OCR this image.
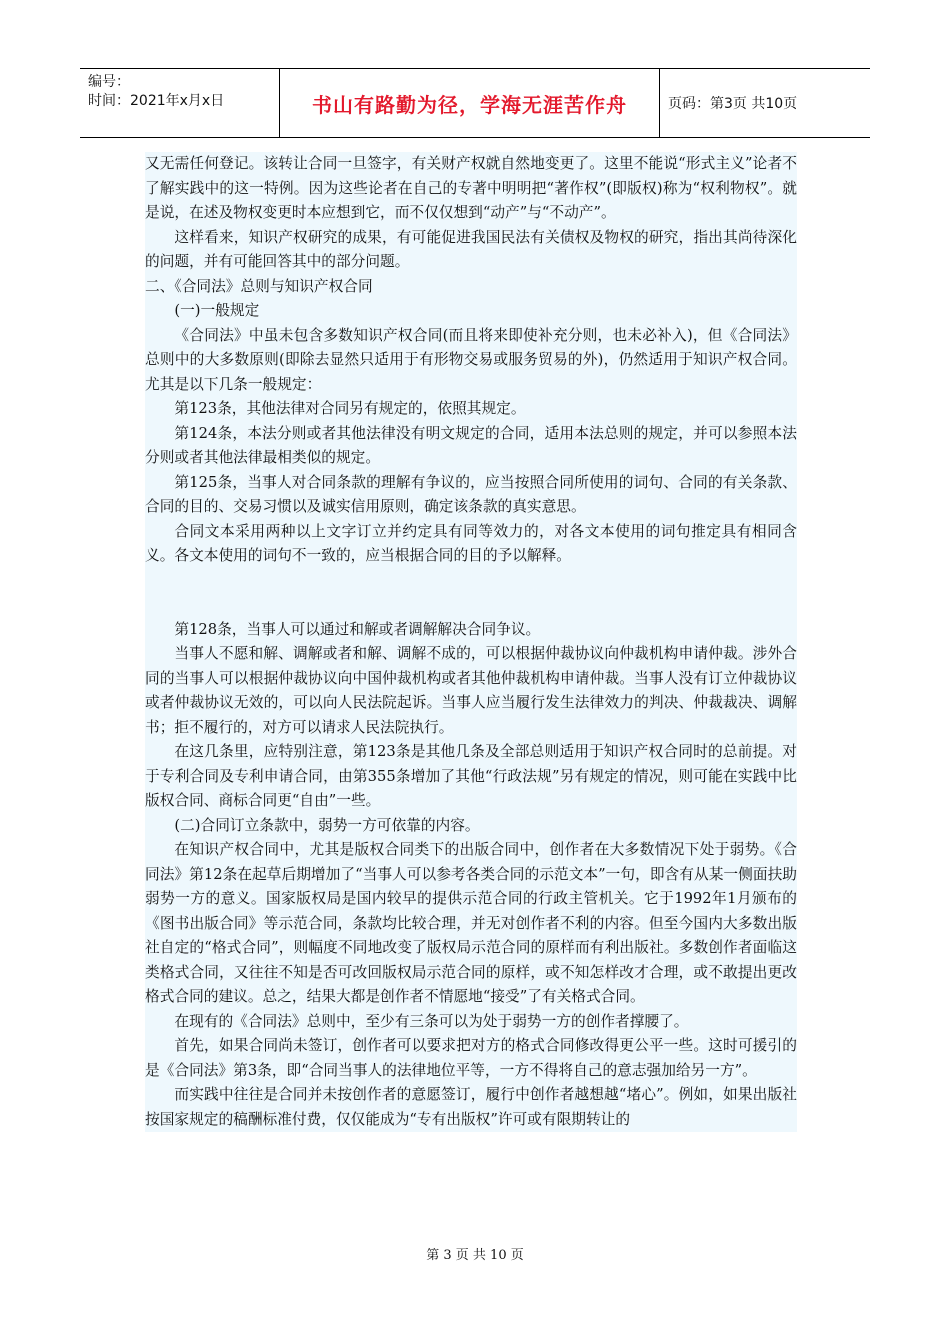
编号：
时间：2021年x月x日	书山有路勤为径，学海无涯苦作舟	页码：第3页 共10页

又无需任何登记。该转让合同一旦签字，有关财产权就自然地变更了。这里不能说“形式主义”论者不了解实践中的这一特例。因为这些论者在自己的专著中明明把“著作权”(即版权)称为“权利物权”。就是说，在述及物权变更时本应想到它，而不仅仅想到“动产”与“不动产”。

这样看来，知识产权研究的成果，有可能促进我国民法有关债权及物权的研究，指出其尚待深化的问题，并有可能回答其中的部分问题。

二、《合同法》总则与知识产权合同

(一)一般规定

《合同法》中虽未包含多数知识产权合同(而且将来即使补充分则，也未必补入)，但《合同法》总则中的大多数原则(即除去显然只适用于有形物交易或服务贸易的外)，仍然适用于知识产权合同。尤其是以下几条一般规定：

第123条，其他法律对合同另有规定的，依照其规定。

第124条，本法分则或者其他法律没有明文规定的合同，适用本法总则的规定，并可以参照本法分则或者其他法律最相类似的规定。

第125条，当事人对合同条款的理解有争议的，应当按照合同所使用的词句、合同的有关条款、合同的目的、交易习惯以及诚实信用原则，确定该条款的真实意思。

合同文本采用两种以上文字订立并约定具有同等效力的，对各文本使用的词句推定具有相同含义。各文本使用的词句不一致的，应当根据合同的目的予以解释。

第128条，当事人可以通过和解或者调解解决合同争议。

当事人不愿和解、调解或者和解、调解不成的，可以根据仲裁协议向仲裁机构申请仲裁。涉外合同的当事人可以根据仲裁协议向中国仲裁机构或者其他仲裁机构申请仲裁。当事人没有订立仲裁协议或者仲裁协议无效的，可以向人民法院起诉。当事人应当履行发生法律效力的判决、仲裁裁决、调解书；拒不履行的，对方可以请求人民法院执行。

在这几条里，应特别注意，第123条是其他几条及全部总则适用于知识产权合同时的总前提。对于专利合同及专利申请合同，由第355条增加了其他“行政法规”另有规定的情况，则可能在实践中比版权合同、商标合同更“自由”一些。

(二)合同订立条款中，弱势一方可依靠的内容。

在知识产权合同中，尤其是版权合同类下的出版合同中，创作者在大多数情况下处于弱势。《合同法》第12条在起草后期增加了“当事人可以参考各类合同的示范文本”一句，即含有从某一侧面扶助弱势一方的意义。国家版权局是国内较早的提供示范合同的行政主管机关。它于1992年1月颁布的《图书出版合同》等示范合同，条款均比较合理，并无对创作者不利的内容。但至今国内大多数出版社自定的“格式合同”，则幅度不同地改变了版权局示范合同的原样而有利出版社。多数创作者面临这类格式合同，又往往不知是否可改回版权局示范合同的原样，或不知怎样改才合理，或不敢提出更改格式合同的建议。总之，结果大都是创作者不情愿地“接受”了有关格式合同。

在现有的《合同法》总则中，至少有三条可以为处于弱势一方的创作者撑腰了。

首先，如果合同尚未签订，创作者可以要求把对方的格式合同修改得更公平一些。这时可援引的是《合同法》第3条，即“合同当事人的法律地位平等，一方不得将自己的意志强加给另一方”。

而实践中往往是合同并未按创作者的意愿签订，履行中创作者越想越“堵心”。例如，如果出版社按国家规定的稿酬标准付费，仅仅能成为“专有出版权”许可或有限期转让的

第 3 页 共 10 页
